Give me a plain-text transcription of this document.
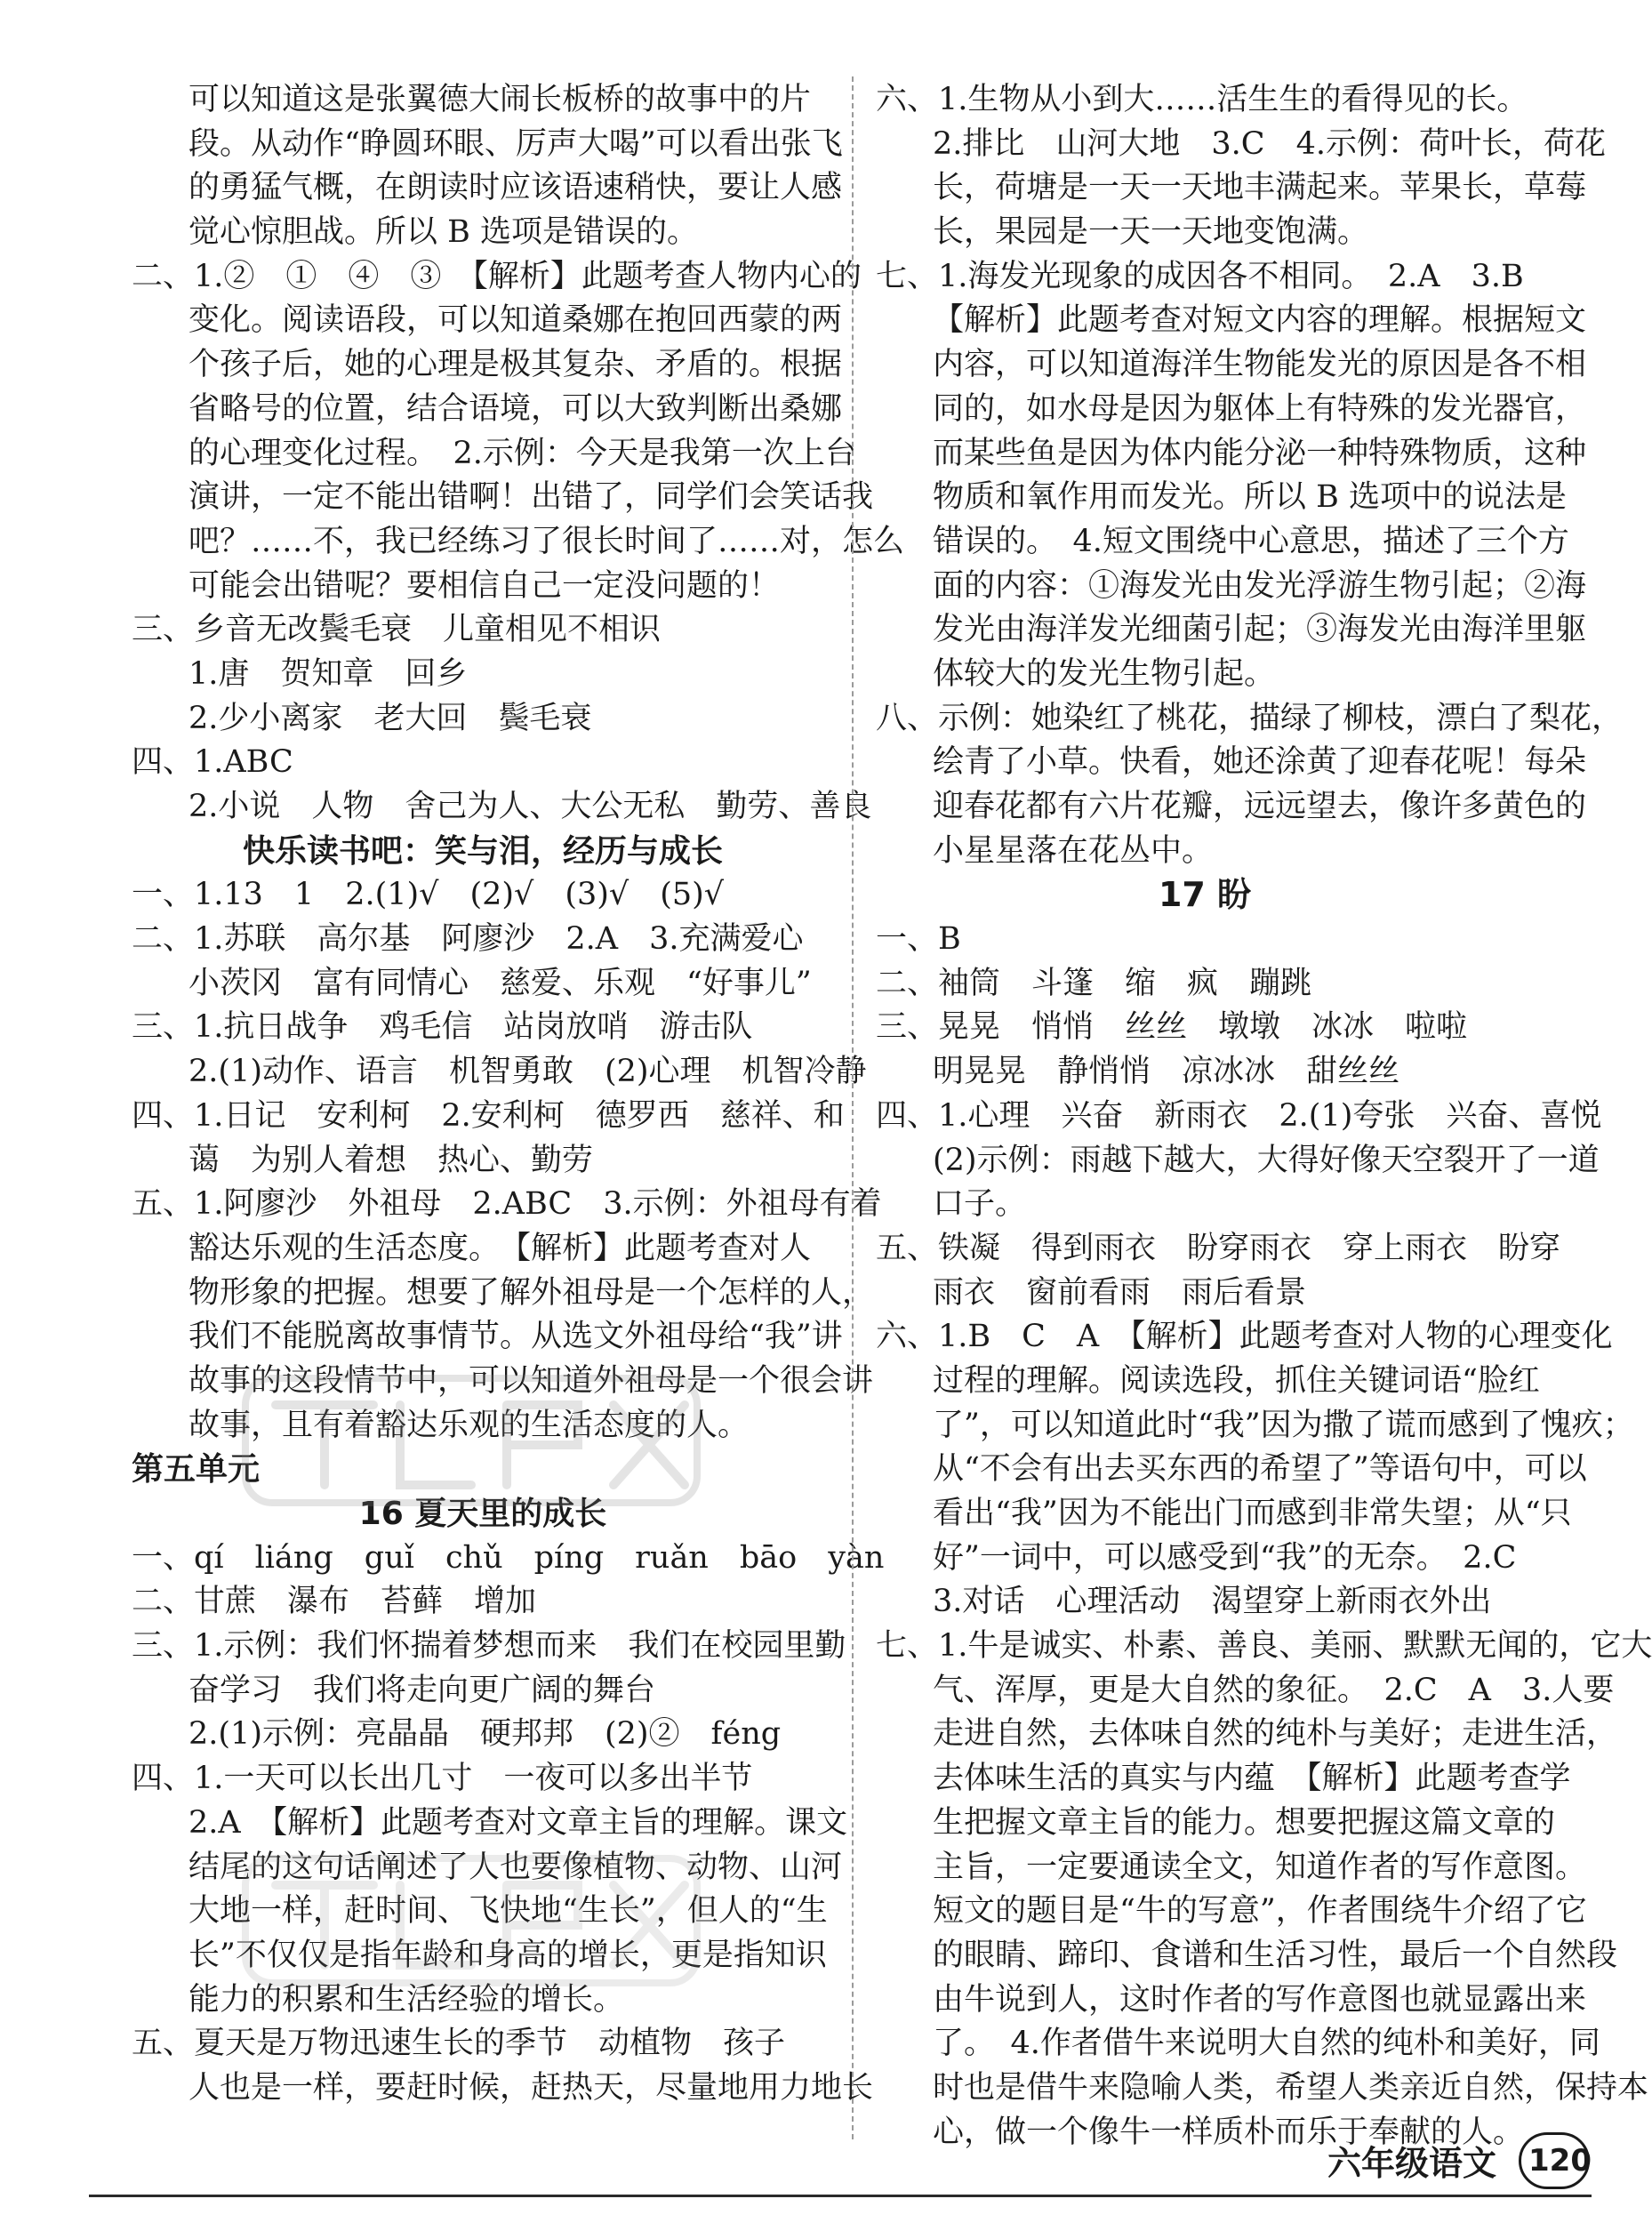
可以知道这是张翼德大闹长板桥的故事中的片
段。从动作“睁圆环眼、厉声大喝”可以看出张飞
的勇猛气概，在朗读时应该语速稍快，要让人感
觉心惊胆战。所以 B 选项是错误的。
二、1.②　①　④　③　【解析】此题考查人物内心的
变化。阅读语段，可以知道桑娜在抱回西蒙的两
个孩子后，她的心理是极其复杂、矛盾的。根据
省略号的位置，结合语境，可以大致判断出桑娜
的心理变化过程。　2.示例：今天是我第一次上台
演讲，一定不能出错啊！出错了，同学们会笑话我
吧？……不，我已经练习了很长时间了……对，怎么
可能会出错呢？要相信自己一定没问题的！
三、乡音无改鬓毛衰　儿童相见不相识
1.唐　贺知章　回乡
2.少小离家　老大回　鬓毛衰
四、1.ABC
2.小说　人物　舍己为人、大公无私　勤劳、善良
快乐读书吧：笑与泪，经历与成长
一、1.13　1　2.(1)√　(2)√　(3)√　(5)√
二、1.苏联　高尔基　阿廖沙　2.A　3.充满爱心
小茨冈　富有同情心　慈爱、乐观　“好事儿”
三、1.抗日战争　鸡毛信　站岗放哨　游击队
2.(1)动作、语言　机智勇敢　(2)心理　机智冷静
四、1.日记　安利柯　2.安利柯　德罗西　慈祥、和
蔼　为别人着想　热心、勤劳
五、1.阿廖沙　外祖母　2.ABC　3.示例：外祖母有着
豁达乐观的生活态度。　【解析】此题考查对人
物形象的把握。想要了解外祖母是一个怎样的人，
我们不能脱离故事情节。从选文外祖母给“我”讲
故事的这段情节中，可以知道外祖母是一个很会讲
故事，且有着豁达乐观的生活态度的人。
第五单元
16 夏天里的成长
一、qí　liáng　guǐ　chǔ　píng　ruǎn　bāo　yàn
二、甘蔗　瀑布　苔藓　增加
三、1.示例：我们怀揣着梦想而来　我们在校园里勤
奋学习　我们将走向更广阔的舞台
2.(1)示例：亮晶晶　硬邦邦　(2)②　féng
四、1.一天可以长出几寸　一夜可以多出半节
2.A　【解析】此题考查对文章主旨的理解。课文
结尾的这句话阐述了人也要像植物、动物、山河
大地一样，赶时间、飞快地“生长”，但人的“生
长”不仅仅是指年龄和身高的增长，更是指知识
能力的积累和生活经验的增长。
五、夏天是万物迅速生长的季节　动植物　孩子
人也是一样，要赶时候，赶热天，尽量地用力地长
六、1.生物从小到大……活生生的看得见的长。
2.排比　山河大地　3.C　4.示例：荷叶长，荷花
长，荷塘是一天一天地丰满起来。苹果长，草莓
长，果园是一天一天地变饱满。
七、1.海发光现象的成因各不相同。　2.A　3.B
【解析】此题考查对短文内容的理解。根据短文
内容，可以知道海洋生物能发光的原因是各不相
同的，如水母是因为躯体上有特殊的发光器官，
而某些鱼是因为体内能分泌一种特殊物质，这种
物质和氧作用而发光。所以 B 选项中的说法是
错误的。　4.短文围绕中心意思，描述了三个方
面的内容：①海发光由发光浮游生物引起；②海
发光由海洋发光细菌引起；③海发光由海洋里躯
体较大的发光生物引起。
八、示例：她染红了桃花，描绿了柳枝，漂白了梨花，
绘青了小草。快看，她还涂黄了迎春花呢！每朵
迎春花都有六片花瓣，远远望去，像许多黄色的
小星星落在花丛中。
17 盼
一、B
二、袖筒　斗篷　缩　疯　蹦跳
三、晃晃　悄悄　丝丝　墩墩　冰冰　啦啦
明晃晃　静悄悄　凉冰冰　甜丝丝
四、1.心理　兴奋　新雨衣　2.(1)夸张　兴奋、喜悦
(2)示例：雨越下越大，大得好像天空裂开了一道
口子。
五、铁凝　得到雨衣　盼穿雨衣　穿上雨衣　盼穿
雨衣　窗前看雨　雨后看景
六、1.B　C　A　【解析】此题考查对人物的心理变化
过程的理解。阅读选段，抓住关键词语“脸红
了”，可以知道此时“我”因为撒了谎而感到了愧疚；
从“不会有出去买东西的希望了”等语句中，可以
看出“我”因为不能出门而感到非常失望；从“只
好”一词中，可以感受到“我”的无奈。　2.C
3.对话　心理活动　渴望穿上新雨衣外出
七、1.牛是诚实、朴素、善良、美丽、默默无闻的，它大
气、浑厚，更是大自然的象征。　2.C　A　3.人要
走进自然，去体味自然的纯朴与美好；走进生活，
去体味生活的真实与内蕴　【解析】此题考查学
生把握文章主旨的能力。想要把握这篇文章的
主旨，一定要通读全文，知道作者的写作意图。
短文的题目是“牛的写意”，作者围绕牛介绍了它
的眼睛、蹄印、食谱和生活习性，最后一个自然段
由牛说到人，这时作者的写作意图也就显露出来
了。　4.作者借牛来说明大自然的纯朴和美好，同
时也是借牛来隐喻人类，希望人类亲近自然，保持本
心，做一个像牛一样质朴而乐于奉献的人。
六年级语文	120
